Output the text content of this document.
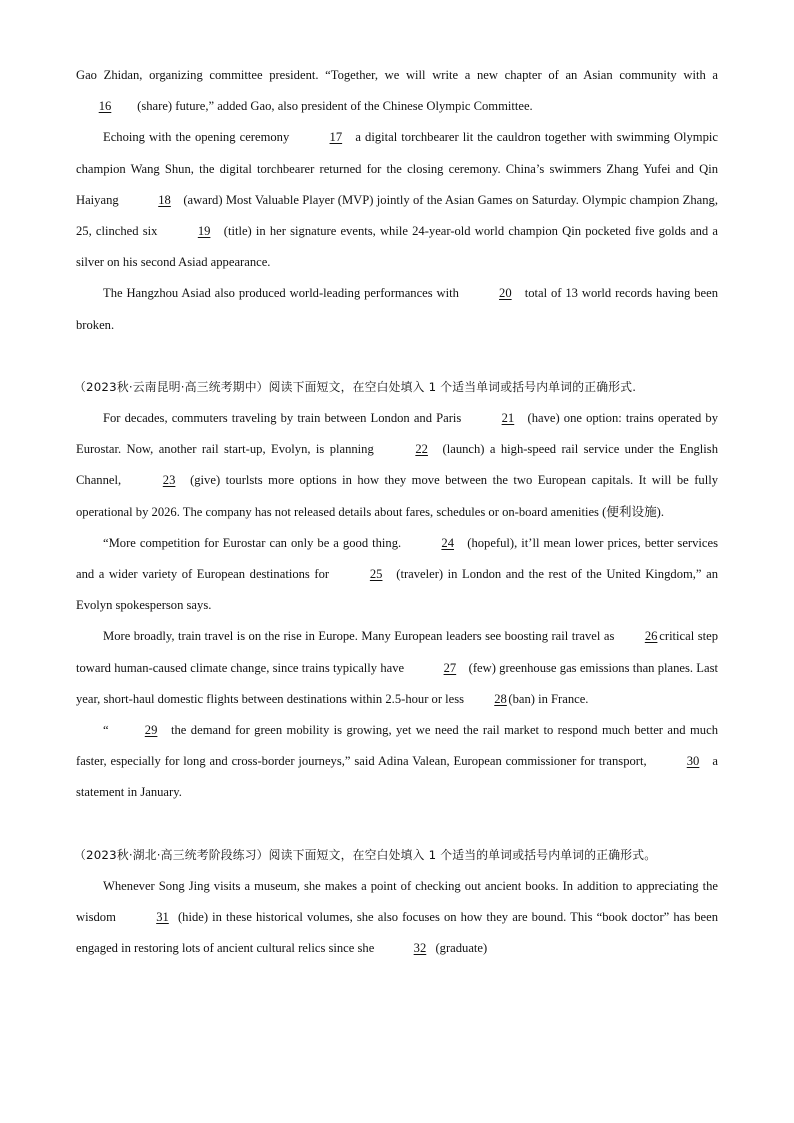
Gao Zhidan, organizing committee president. “Together, we will write a new chapter of an Asian community with a 16 (share) future,” added Gao, also president of the Chinese Olympic Committee.

Echoing with the opening ceremony	17 a digital torchbearer lit the cauldron together with swimming Olympic champion Wang Shun, the digital torchbearer returned for the closing ceremony. China’s swimmers Zhang Yufei and Qin Haiyang	18 (award) Most Valuable Player (MVP) jointly of the Asian Games on Saturday. Olympic champion Zhang, 25, clinched six	19 (title) in her signature events, while 24-year-old world champion Qin pocketed five golds and a silver on his second Asiad appearance.

The Hangzhou Asiad also produced world-leading performances with	20 total of 13 world records having been broken.

（2023秋·云南昆明·高三统考期中）阅读下面短文，在空白处填入 1 个适当单词或括号内单词的正确形式.

For decades, commuters traveling by train between London and Paris	21 (have) one option: trains operated by Eurostar. Now, another rail start-up, Evolyn, is planning	22 (launch) a high-speed rail service under the English Channel,	23 (give) tourlsts more options in how they move between the two European capitals. It will be fully operational by 2026. The company has not released details about fares, schedules or on-board amenities (便利设施).

“More competition for Eurostar can only be a good thing.	24 (hopeful), it’ll mean lower prices, better services and a wider variety of European destinations for	25 (traveler) in London and the rest of the United Kingdom,” an Evolyn spokesperson says.

More broadly, train travel is on the rise in Europe. Many European leaders see boosting rail travel as 26 critical step toward human-caused climate change, since trains typically have	27 (few) greenhouse gas emissions than planes. Last year, short-haul domestic flights between destinations within 2.5-hour or less 28 (ban) in France.

“	29 the demand for green mobility is growing, yet we need the rail market to respond much better and much faster, especially for long and cross-border journeys,” said Adina Valean, European commissioner for transport,	30 a statement in January.

（2023秋·湖北·高三统考阶段练习）阅读下面短文，在空白处填入 1 个适当的单词或括号内单词的正确形式。

Whenever Song Jing visits a museum, she makes a point of checking out ancient books. In addition to appreciating the wisdom	31 (hide) in these historical volumes, she also focuses on how they are bound. This “book doctor” has been engaged in restoring lots of ancient cultural relics since she	32 (graduate)
